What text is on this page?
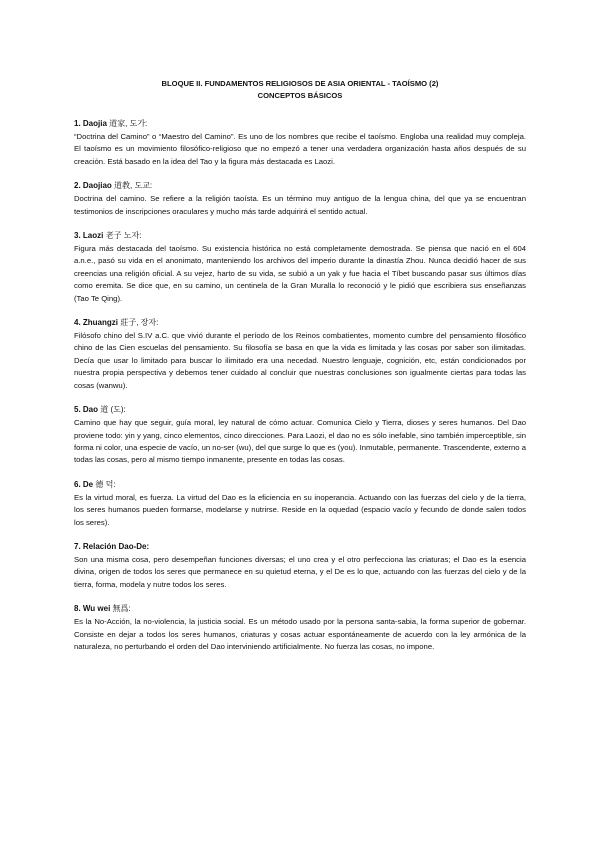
BLOQUE II. FUNDAMENTOS RELIGIOSOS DE ASIA ORIENTAL - TAOÍSMO (2)
CONCEPTOS BÁSICOS
1. Daojia 道家, 도가:

“Doctrina del Camino” o “Maestro del Camino”. Es uno de los nombres que recibe el taoísmo. Engloba una realidad muy compleja. El taoísmo es un movimiento filosófico-religioso que no empezó a tener una verdadera organización hasta años después de su creación. Está basado en la idea del Tao y la figura más destacada es Laozi.

2. Daojiao 道教, 도교:

Doctrina del camino. Se refiere a la religión taoísta. Es un término muy antiguo de la lengua china, del que ya se encuentran testimonios de inscripciones oraculares y mucho más tarde adquirirá el sentido actual.

3. Laozi 老子 노자:

Figura más destacada del taoísmo. Su existencia histórica no está completamente demostrada. Se piensa que nació en el 604 a.n.e., pasó su vida en el anonimato, manteniendo los archivos del imperio durante la dinastía Zhou. Nunca decidió hacer de sus creencias una religión oficial. A su vejez, harto de su vida, se subió a un yak y fue hacia el Tíbet buscando pasar sus últimos días como eremita. Se dice que, en su camino, un centinela de la Gran Muralla lo reconoció y le pidió que escribiera sus enseñanzas (Tao Te Qing).

4. Zhuangzi 莊子, 장자:

Filósofo chino del S.IV a.C. que vivió durante el período de los Reinos combatientes, momento cumbre del pensamiento filosófico chino de las Cien escuelas del pensamiento. Su filosofía se basa en que la vida es limitada y las cosas por saber son ilimitadas. Decía que usar lo limitado para buscar lo ilimitado era una necedad. Nuestro lenguaje, cognición, etc, están condicionados por nuestra propia perspectiva y debemos tener cuidado al concluir que nuestras conclusiones son igualmente ciertas para todas las cosas (wanwu).

5. Dao 道 (도):

Camino que hay que seguir, guía moral, ley natural de cómo actuar. Comunica Cielo y Tierra, dioses y seres humanos. Del Dao proviene todo: yin y yang, cinco elementos, cinco direcciones. Para Laozi, el dao no es sólo inefable, sino también imperceptible, sin forma ni color, una especie de vacío, un no-ser (wu), del que surge lo que es (you). Inmutable, permanente. Trascendente, externo a todas las cosas, pero al mismo tiempo inmanente, presente en todas las cosas.

6. De 德 덕:

Es la virtud moral, es fuerza. La virtud del Dao es la eficiencia en su inoperancia. Actuando con las fuerzas del cielo y de la tierra, los seres humanos pueden formarse, modelarse y nutrirse. Reside en la oquedad (espacio vacío y fecundo de donde salen todos los seres).

7. Relación Dao-De:

Son una misma cosa, pero desempeñan funciones diversas; el uno crea y el otro perfecciona las criaturas; el Dao es la esencia divina, origen de todos los seres que permanece en su quietud eterna, y el De es lo que, actuando con las fuerzas del cielo y de la tierra, forma, modela y nutre todos los seres.

8. Wu wei 無爲:

Es la No-Acción, la no-violencia, la justicia social. Es un método usado por la persona santa-sabia, la forma superior de gobernar. Consiste en dejar a todos los seres humanos, criaturas y cosas actuar espontáneamente de acuerdo con la ley armónica de la naturaleza, no perturbando el orden del Dao interviniendo artificialmente. No fuerza las cosas, no impone.
